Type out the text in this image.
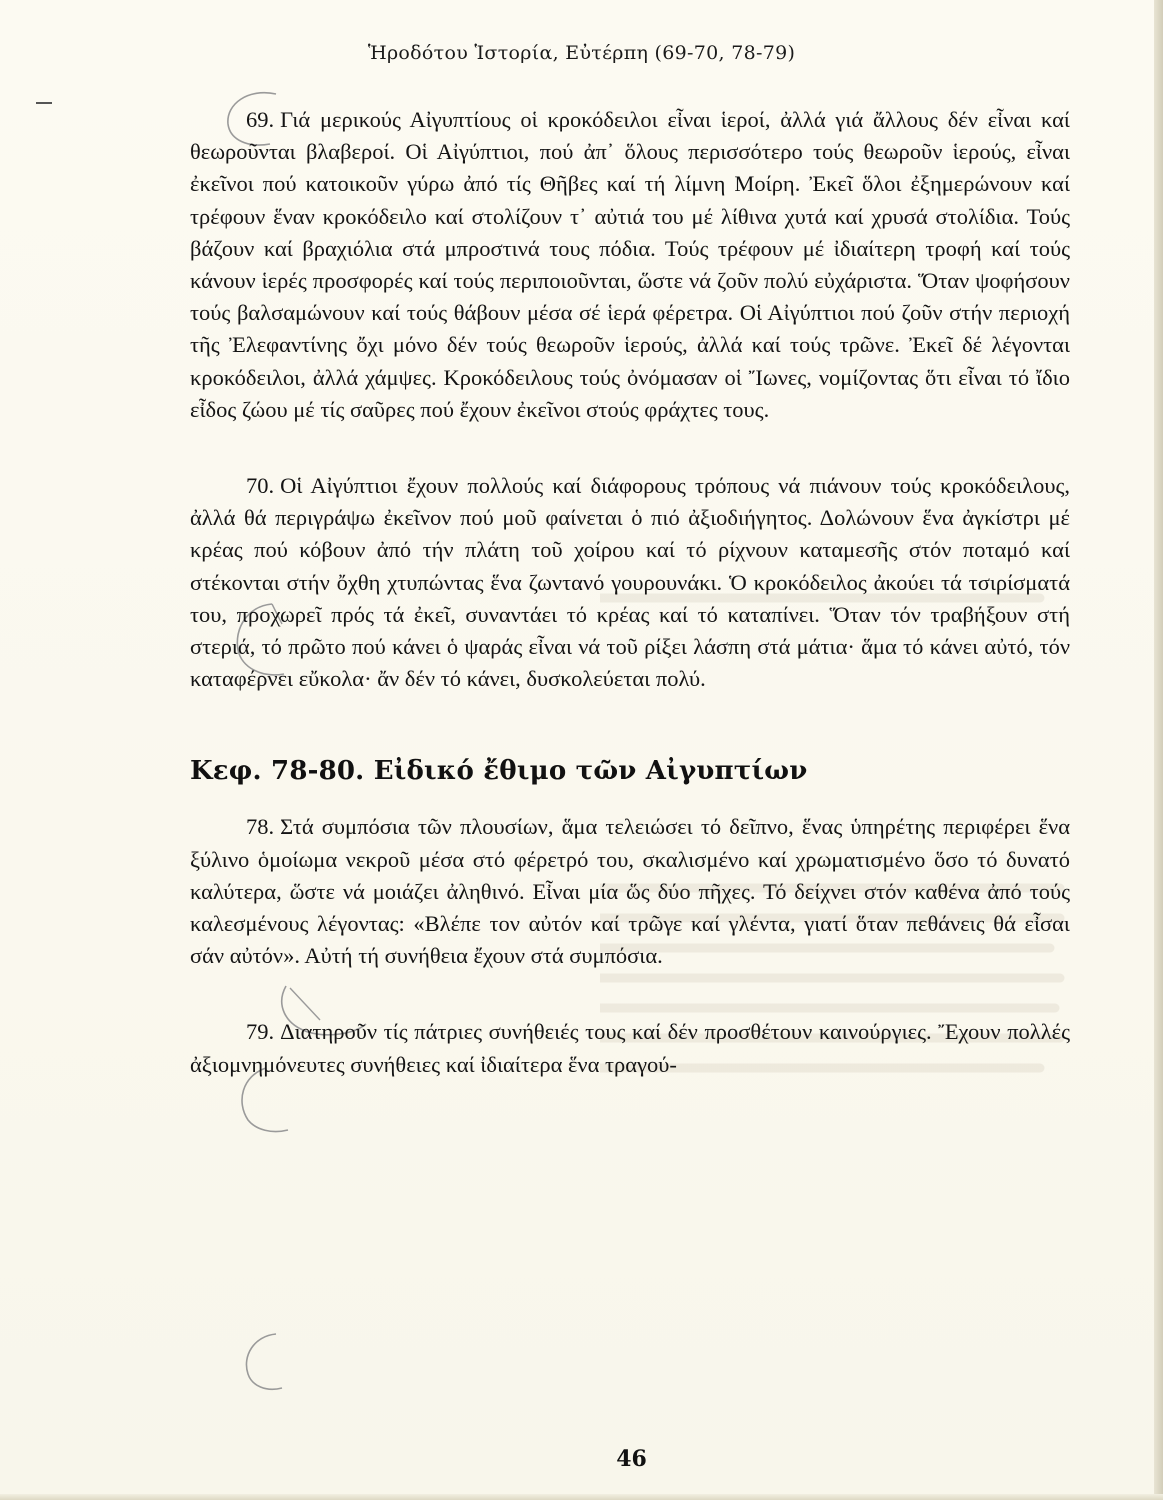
Ἡροδότου Ἱστορία, Εὐτέρπη (69-70, 78-79)

69. Γιά μερικούς Αἰγυπτίους οἱ κροκόδειλοι εἶναι ἱεροί, ἀλλά γιά ἄλλους δέν εἶναι καί θεωροῦνται βλαβεροί. Οἱ Αἰγύπτιοι, πού ἀπ᾽ ὅλους περισσότερο τούς θεωροῦν ἱερούς, εἶναι ἐκεῖνοι πού κατοικοῦν γύρω ἀπό τίς Θῆβες καί τή λίμνη Μοίρη. Ἐκεῖ ὅλοι ἐξημερώνουν καί τρέφουν ἕναν κροκόδειλο καί στολίζουν τ᾽ αὐτιά του μέ λίθινα χυτά καί χρυσά στολίδια. Τούς βάζουν καί βραχιόλια στά μπροστινά τους πόδια. Τούς τρέφουν μέ ἰδιαίτερη τροφή καί τούς κάνουν ἱερές προσφορές καί τούς περιποιοῦνται, ὥστε νά ζοῦν πολύ εὐχάριστα. Ὅταν ψοφήσουν τούς βαλσαμώνουν καί τούς θάβουν μέσα σέ ἱερά φέρετρα. Οἱ Αἰγύπτιοι πού ζοῦν στήν περιοχή τῆς Ἐλεφαντίνης ὄχι μόνο δέν τούς θεωροῦν ἱερούς, ἀλλά καί τούς τρῶνε. Ἐκεῖ δέ λέγονται κροκόδειλοι, ἀλλά χάμψες. Κροκόδειλους τούς ὀνόμασαν οἱ Ἴωνες, νομίζοντας ὅτι εἶναι τό ἴδιο εἶδος ζώου μέ τίς σαῦρες πού ἔχουν ἐκεῖνοι στούς φράχτες τους.

70. Οἱ Αἰγύπτιοι ἔχουν πολλούς καί διάφορους τρόπους νά πιάνουν τούς κροκόδειλους, ἀλλά θά περιγράψω ἐκεῖνον πού μοῦ φαίνεται ὁ πιό ἀξιοδιήγητος. Δολώνουν ἕνα ἀγκίστρι μέ κρέας πού κόβουν ἀπό τήν πλάτη τοῦ χοίρου καί τό ρίχνουν καταμεσῆς στόν ποταμό καί στέκονται στήν ὄχθη χτυπώντας ἕνα ζωντανό γουρουνάκι. Ὁ κροκόδειλος ἀκούει τά τσιρίσματά του, προχωρεῖ πρός τά ἐκεῖ, συναντάει τό κρέας καί τό καταπίνει. Ὅταν τόν τραβήξουν στή στεριά, τό πρῶτο πού κάνει ὁ ψαράς εἶναι νά τοῦ ρίξει λάσπη στά μάτια· ἅμα τό κάνει αὐτό, τόν καταφέρνει εὔκολα· ἄν δέν τό κάνει, δυσκολεύεται πολύ.

Κεφ. 78-80. Εἰδικό ἔθιμο τῶν Αἰγυπτίων

78. Στά συμπόσια τῶν πλουσίων, ἅμα τελειώσει τό δεῖπνο, ἕνας ὑπηρέτης περιφέρει ἕνα ξύλινο ὁμοίωμα νεκροῦ μέσα στό φέρετρό του, σκαλισμένο καί χρωματισμένο ὅσο τό δυνατό καλύτερα, ὥστε νά μοιάζει ἀληθινό. Εἶναι μία ὥς δύο πῆχες. Τό δείχνει στόν καθένα ἀπό τούς καλεσμένους λέγοντας: «Βλέπε τον αὐτόν καί τρῶγε καί γλέντα, γιατί ὅταν πεθάνεις θά εἶσαι σάν αὐτόν». Αὐτή τή συνήθεια ἔχουν στά συμπόσια.

79. Διατηροῦν τίς πάτριες συνήθειές τους καί δέν προσθέτουν καινούργιες. Ἔχουν πολλές ἀξιομνημόνευτες συνήθειες καί ἰδιαίτερα ἕνα τραγού-

46
